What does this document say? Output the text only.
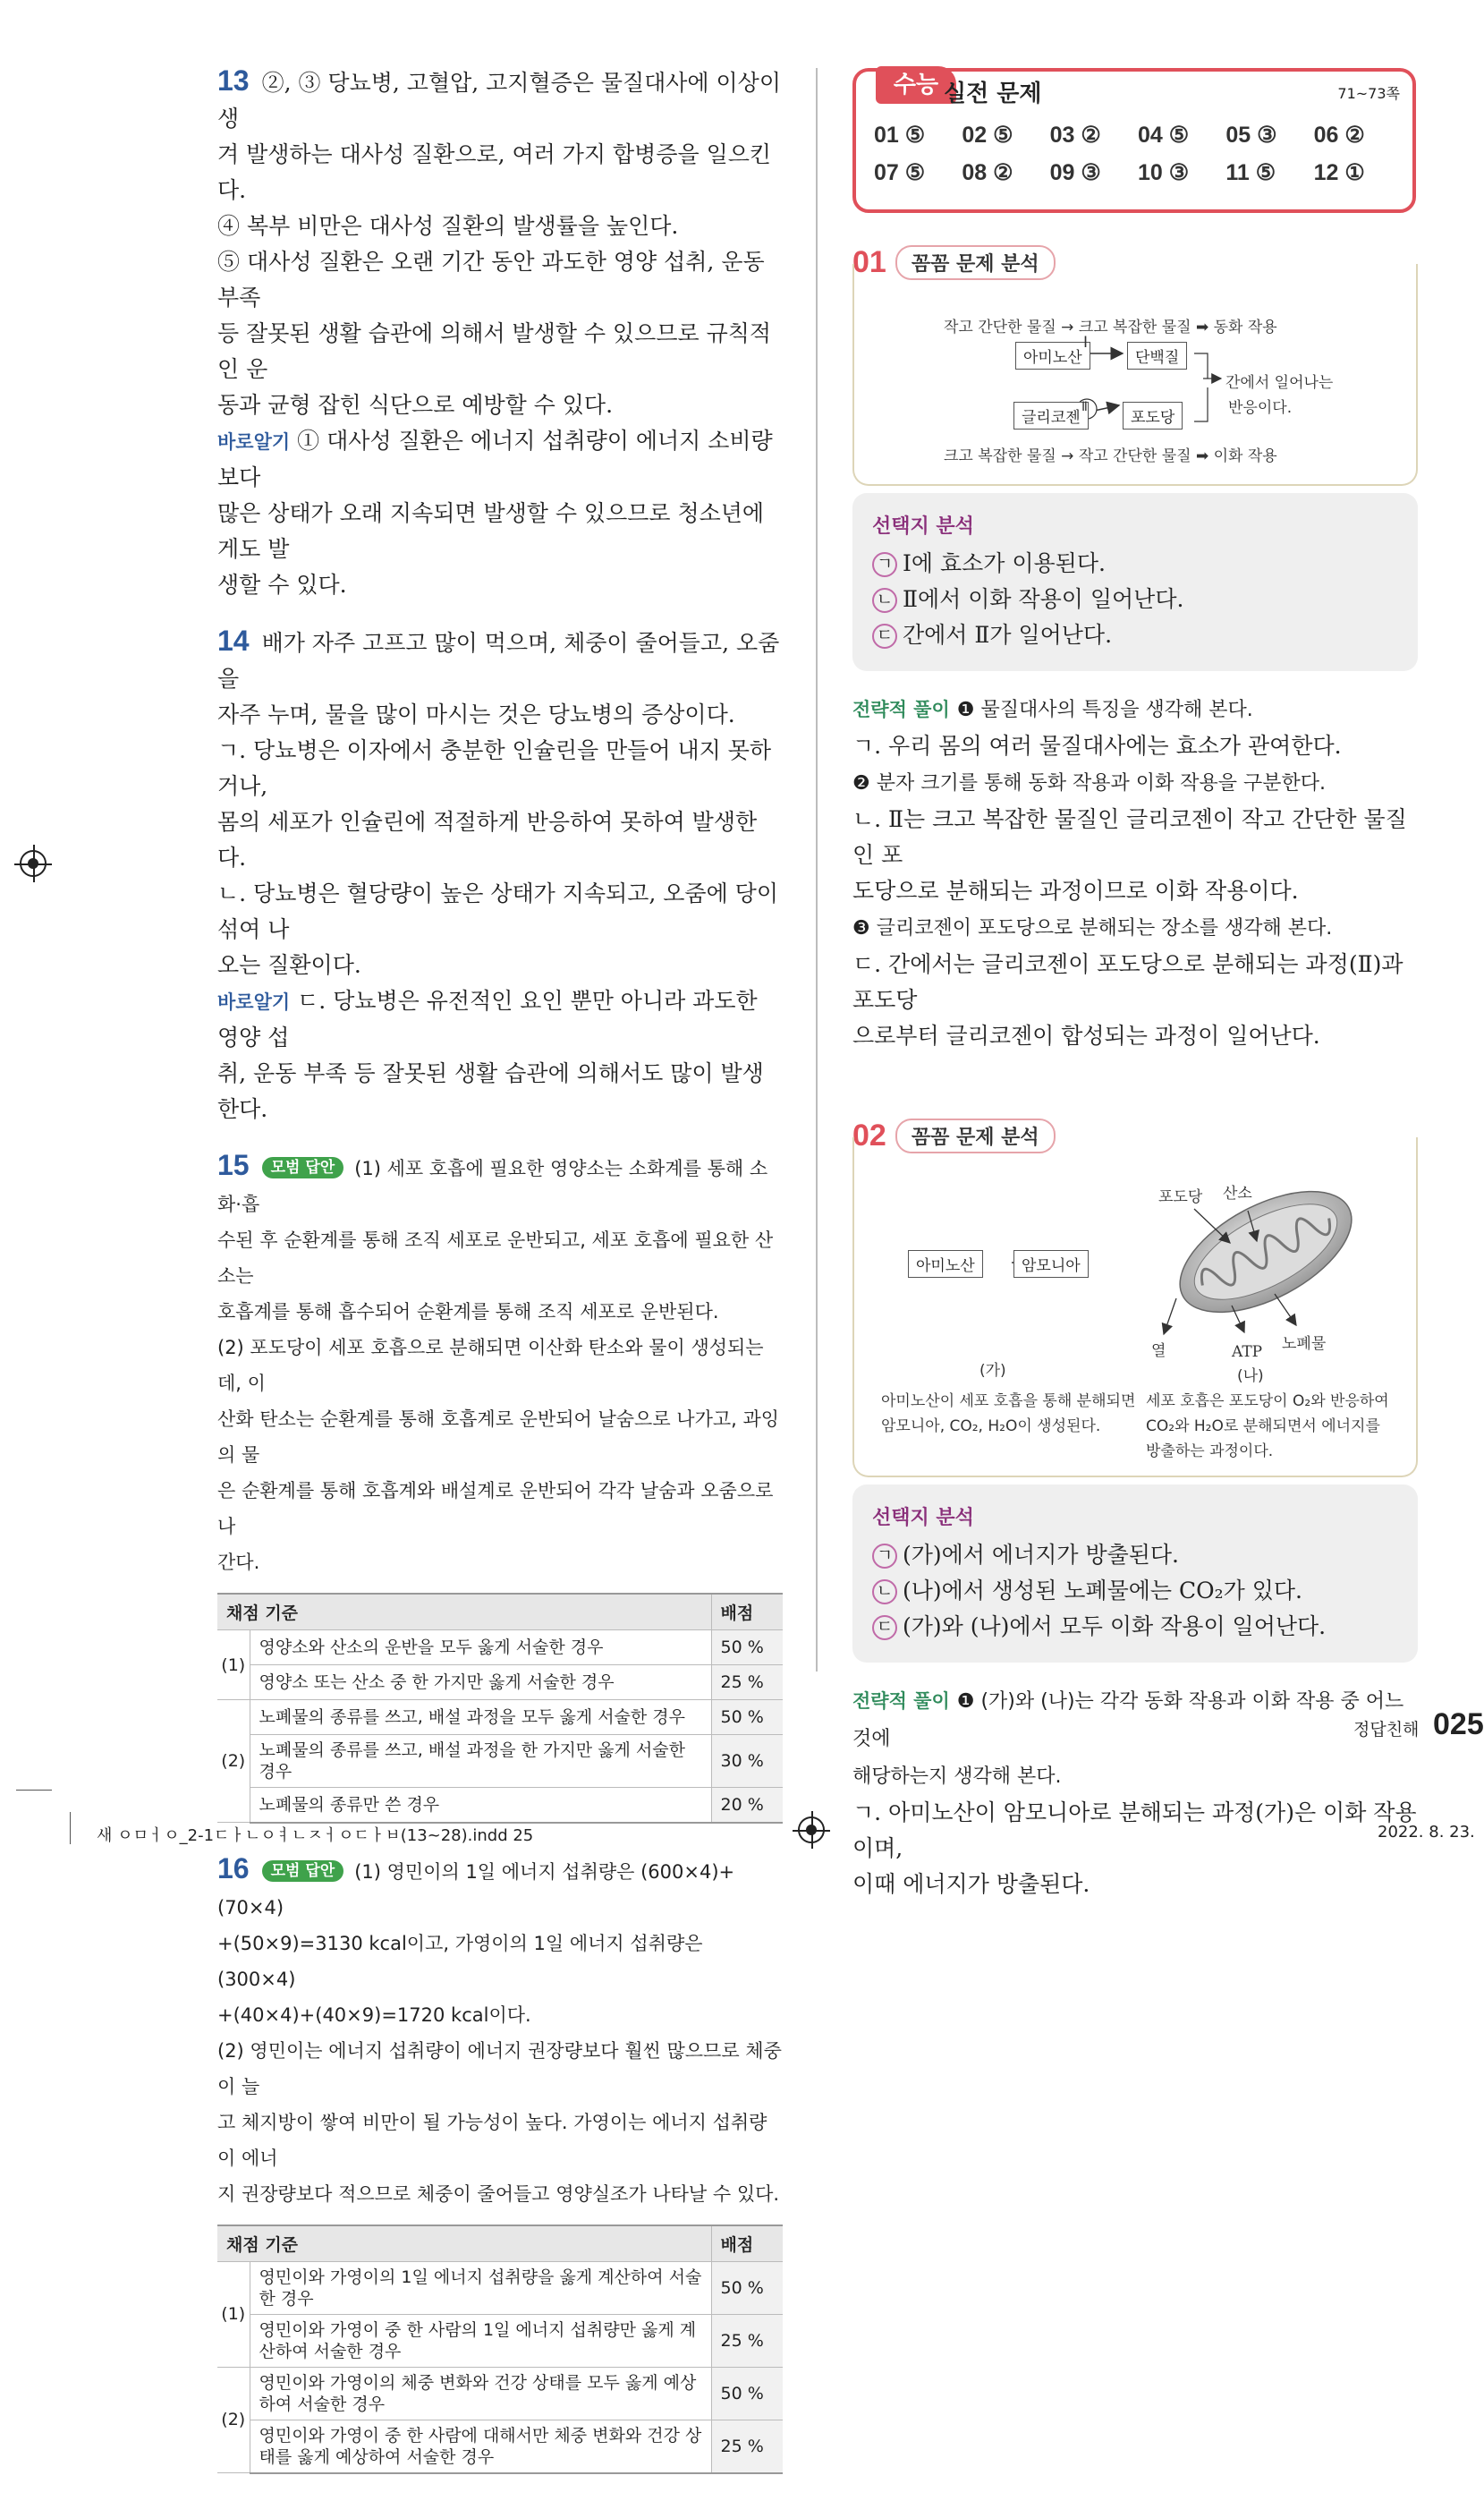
13 ②, ③ 당뇨병, 고혈압, 고지혈증은 물질대사에 이상이 생
겨 발생하는 대사성 질환으로, 여러 가지 합병증을 일으킨다.
④ 복부 비만은 대사성 질환의 발생률을 높인다.
⑤ 대사성 질환은 오랜 기간 동안 과도한 영양 섭취, 운동 부족
등 잘못된 생활 습관에 의해서 발생할 수 있으므로 규칙적인 운
동과 균형 잡힌 식단으로 예방할 수 있다.
바로알기 ① 대사성 질환은 에너지 섭취량이 에너지 소비량보다
많은 상태가 오래 지속되면 발생할 수 있으므로 청소년에게도 발
생할 수 있다.
14 배가 자주 고프고 많이 먹으며, 체중이 줄어들고, 오줌을
자주 누며, 물을 많이 마시는 것은 당뇨병의 증상이다.
ㄱ. 당뇨병은 이자에서 충분한 인슐린을 만들어 내지 못하거나,
몸의 세포가 인슐린에 적절하게 반응하여 못하여 발생한다.
ㄴ. 당뇨병은 혈당량이 높은 상태가 지속되고, 오줌에 당이 섞여 나
오는 질환이다.
바로알기 ㄷ. 당뇨병은 유전적인 요인 뿐만 아니라 과도한 영양 섭
취, 운동 부족 등 잘못된 생활 습관에 의해서도 많이 발생한다.
15 모범 답안 (1) 세포 호흡에 필요한 영양소는 소화계를 통해 소화·흡
수된 후 순환계를 통해 조직 세포로 운반되고, 세포 호흡에 필요한 산소는
호흡계를 통해 흡수되어 순환계를 통해 조직 세포로 운반된다.
(2) 포도당이 세포 호흡으로 분해되면 이산화 탄소와 물이 생성되는데, 이
산화 탄소는 순환계를 통해 호흡계로 운반되어 날숨으로 나가고, 과잉의 물
은 순환계를 통해 호흡계와 배설계로 운반되어 각각 날숨과 오줌으로 나
간다.
채점 기준		배점
(1)	영양소와 산소의 운반을 모두 옳게 서술한 경우	50 %
	영양소 또는 산소 중 한 가지만 옳게 서술한 경우	25 %
(2)	노폐물의 종류를 쓰고, 배설 과정을 모두 옳게 서술한 경우	50 %
	노폐물의 종류를 쓰고, 배설 과정을 한 가지만 옳게 서술한 경우	30 %
	노폐물의 종류만 쓴 경우	20 %
16 모범 답안 (1) 영민이의 1일 에너지 섭취량은 (600×4)+(70×4)
+(50×9)=3130 kcal이고, 가영이의 1일 에너지 섭취량은 (300×4)
+(40×4)+(40×9)=1720 kcal이다.
(2) 영민이는 에너지 섭취량이 에너지 권장량보다 훨씬 많으므로 체중이 늘
고 체지방이 쌓여 비만이 될 가능성이 높다. 가영이는 에너지 섭취량이 에너
지 권장량보다 적으므로 체중이 줄어들고 영양실조가 나타날 수 있다.
채점 기준		배점
(1)	영민이와 가영이의 1일 에너지 섭취량을 옳게 계산하여 서술한 경우	50 %
	영민이와 가영이 중 한 사람의 1일 에너지 섭취량만 옳게 계산하여 서술한 경우	25 %
(2)	영민이와 가영이의 체중 변화와 건강 상태를 모두 옳게 예상하여 서술한 경우	50 %
	영민이와 가영이 중 한 사람에 대해서만 체중 변화와 건강 상태를 옳게 예상하여 서술한 경우	25 %
수능 실전 문제	71~73쪽
01 ⑤	02 ⑤	03 ②	04 ⑤	05 ③	06 ②
07 ⑤	08 ②	09 ③	10 ③	11 ⑤	12 ①
01	꼼꼼 문제 분석
작고 간단한 물질 → 크고 복잡한 물질 ➡ 동화 작용
아미노산
Ⅰ
단백질
간에서 일어나는
반응이다.
글리코젠
Ⅱ
포도당
크고 복잡한 물질 → 작고 간단한 물질 ➡ 이화 작용
선택지 분석
ㄱ Ⅰ에 효소가 이용된다.
ㄴ Ⅱ에서 이화 작용이 일어난다.
ㄷ 간에서 Ⅱ가 일어난다.
전략적 풀이 ❶ 물질대사의 특징을 생각해 본다.
ㄱ. 우리 몸의 여러 물질대사에는 효소가 관여한다.
❷ 분자 크기를 통해 동화 작용과 이화 작용을 구분한다.
ㄴ. Ⅱ는 크고 복잡한 물질인 글리코젠이 작고 간단한 물질인 포
도당으로 분해되는 과정이므로 이화 작용이다.
❸ 글리코젠이 포도당으로 분해되는 장소를 생각해 본다.
ㄷ. 간에서는 글리코젠이 포도당으로 분해되는 과정(Ⅱ)과 포도당
으로부터 글리코젠이 합성되는 과정이 일어난다.
02	꼼꼼 문제 분석
포도당 산소
아미노산	암모니아
열	ATP 노폐물
(가)	(나)
아미노산이 세포 호흡을 통해 분해되면
암모니아, CO₂, H₂O이 생성된다.
세포 호흡은 포도당이 O₂와 반응하여
CO₂와 H₂O로 분해되면서 에너지를
방출하는 과정이다.
선택지 분석
ㄱ (가)에서 에너지가 방출된다.
ㄴ (나)에서 생성된 노폐물에는 CO₂가 있다.
ㄷ (가)와 (나)에서 모두 이화 작용이 일어난다.
전략적 풀이 ❶ (가)와 (나)는 각각 동화 작용과 이화 작용 중 어느 것에
해당하는지 생각해 본다.
ㄱ. 아미노산이 암모니아로 분해되는 과정(가)은 이화 작용이며,
이때 에너지가 방출된다.
정답친해 025
새 ㅇㅁㅓㅇ_2-1ㄷㅏㄴㅇㅕㄴㅈㅓㅇㄷㅏㅂ(13~28).indd 25	2022. 8. 23.
